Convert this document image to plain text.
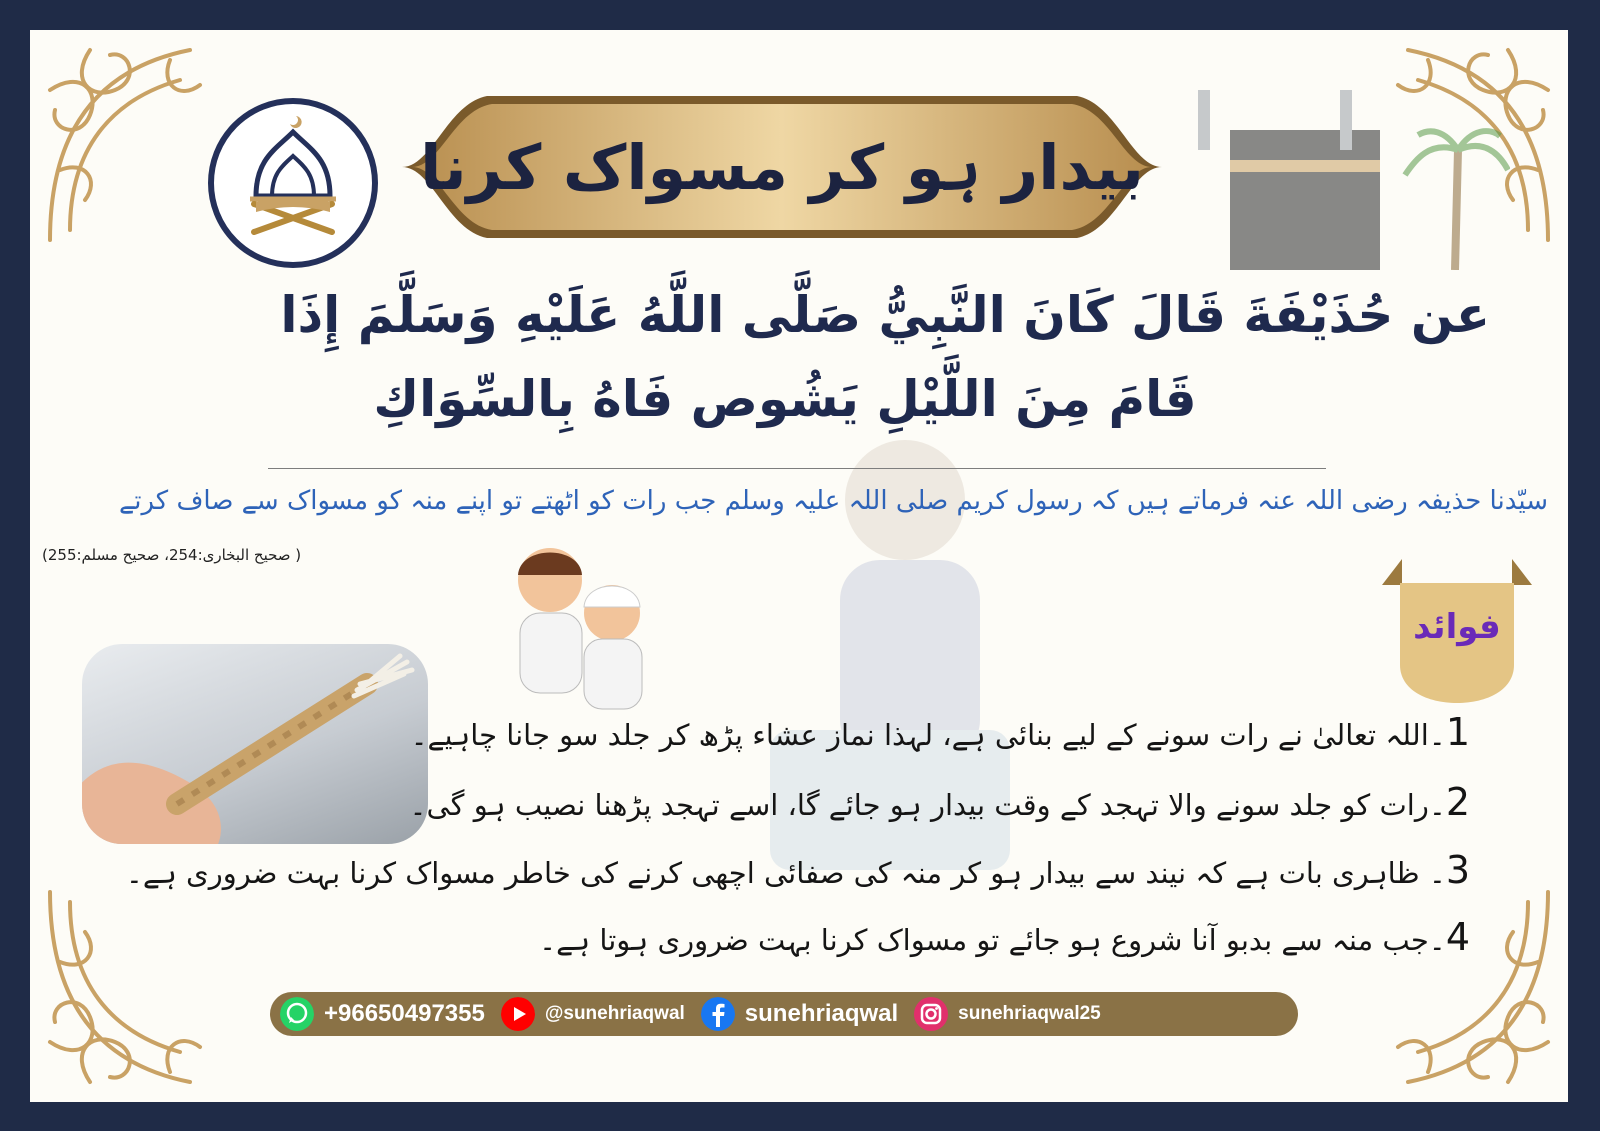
بیدار ہو کر مسواک کرنا
عن حُذَيْفَةَ قَالَ كَانَ النَّبِيُّ صَلَّى اللَّهُ عَلَيْهِ وَسَلَّمَ إِذَا
قَامَ مِنَ اللَّيْلِ يَشُوص فَاهُ بِالسِّوَاكِ
سیّدنا حذیفہ رضی اللہ عنہ فرماتے ہیں کہ رسول کریم صلی اللہ علیہ وسلم جب رات کو اٹھتے تو اپنے منہ کو مسواک سے صاف کرتے
( صحیح البخاری:254، صحیح مسلم:255)
فوائد
1۔اللہ تعالیٰ نے رات سونے کے لیے بنائی ہے، لہذا نماز عشاء پڑھ کر جلد سو جانا چاہیے۔
2۔رات کو جلد سونے والا تہجد کے وقت بیدار ہو جائے گا، اسے تہجد پڑھنا نصیب ہو گی۔
3۔ ظاہری بات ہے کہ نیند سے بیدار ہو کر منہ کی صفائی اچھی کرنے کی خاطر مسواک کرنا بہت ضروری ہے۔
4۔جب منہ سے بدبو آنا شروع ہو جائے تو مسواک کرنا بہت ضروری ہوتا ہے۔
+96650497355	@sunehriaqwal	sunehriaqwal	sunehriaqwal25
